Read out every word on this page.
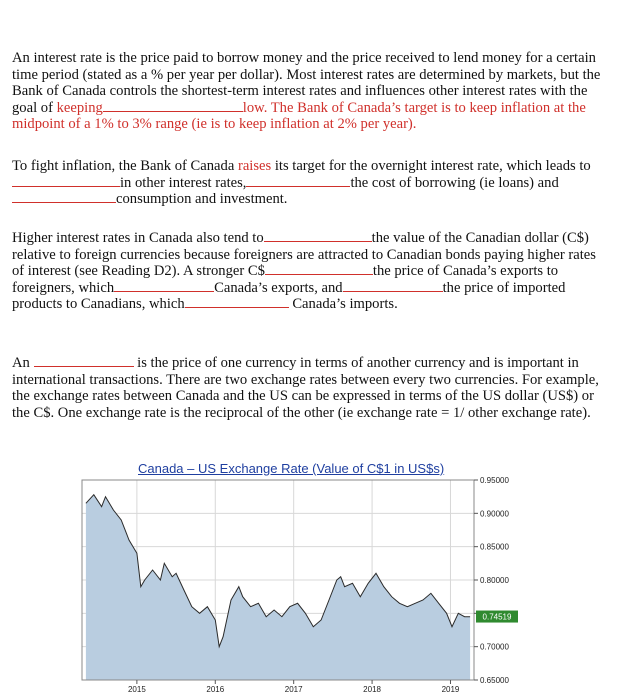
An interest rate is the price paid to borrow money and the price received to lend money for a certain time period (stated as a % per year per dollar). Most interest rates are determined by markets, but the Bank of Canada controls the shortest-term interest rates and influences other interest rates with the goal of keeping	low. The Bank of Canada’s target is to keep inflation at the midpoint of a 1% to 3% range (ie is to keep inflation at 2% per year).

To fight inflation, the Bank of Canada raises its target for the overnight interest rate, which leads toin other interest rates,	the cost of borrowing (ie loans) andconsumption and investment.

Higher interest rates in Canada also tend to	the value of the Canadian dollar (C$) relative to foreign currencies because foreigners are attracted to Canadian bonds paying higher rates of interest (see Reading D2). A stronger C$	the price of Canada’s exports to foreigners, which	Canada’s exports, and	the price of imported products to Canadians, which	Canada’s imports.

An	is the price of one currency in terms of another currency and is important in international transactions. There are two exchange rates between every two currencies. For example, the exchange rates between Canada and the US can be expressed in terms of the US dollar (US$) or the C$. One exchange rate is the reciprocal of the other (ie exchange rate = 1/ other exchange rate).

Canada – US Exchange Rate (Value of C$1 in US$s)

2015	2016	2017	2018	2019
0.95000
0.90000
0.85000
0.80000
0.70000
0.65000
0.74519
